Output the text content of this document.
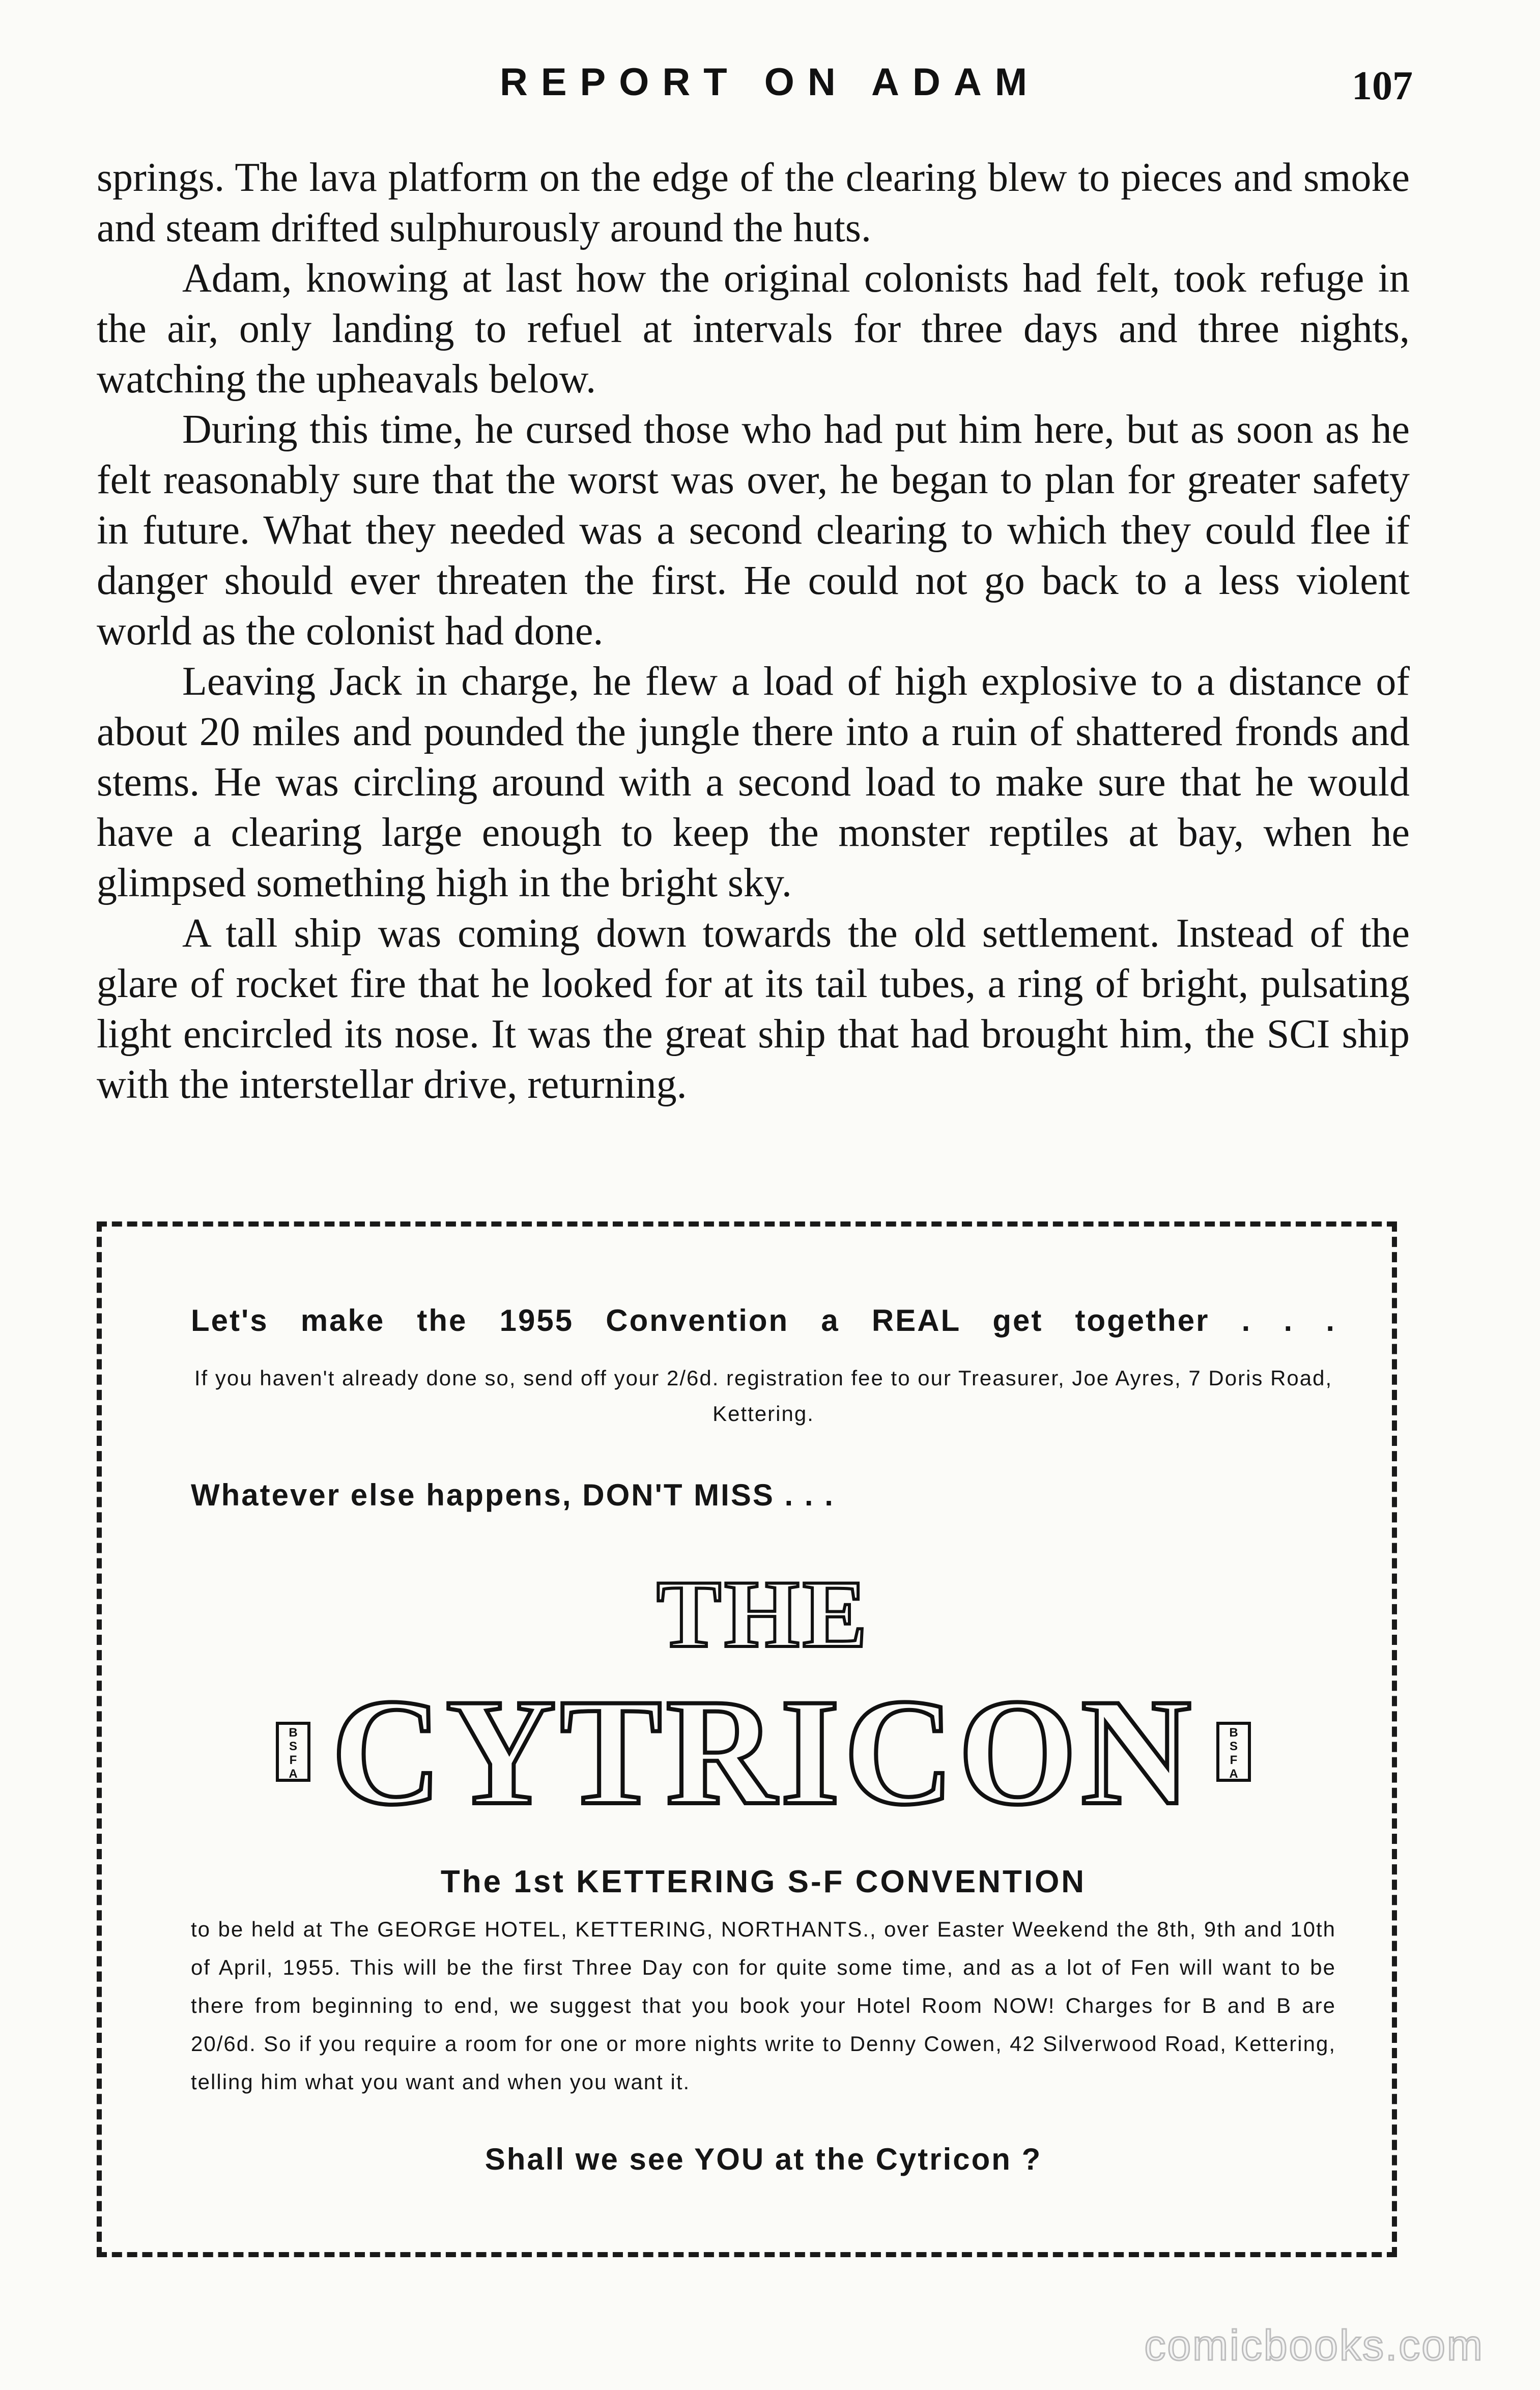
REPORT ON ADAM	107

springs. The lava platform on the edge of the clearing blew to pieces and smoke and steam drifted sulphurously around the huts.

Adam, knowing at last how the original colonists had felt, took refuge in the air, only landing to refuel at intervals for three days and three nights, watching the upheavals below.

During this time, he cursed those who had put him here, but as soon as he felt reasonably sure that the worst was over, he began to plan for greater safety in future. What they needed was a second clearing to which they could flee if danger should ever threaten the first. He could not go back to a less violent world as the colonist had done.

Leaving Jack in charge, he flew a load of high explosive to a distance of about 20 miles and pounded the jungle there into a ruin of shattered fronds and stems. He was circling around with a second load to make sure that he would have a clearing large enough to keep the monster reptiles at bay, when he glimpsed something high in the bright sky.

A tall ship was coming down towards the old settlement. Instead of the glare of rocket fire that he looked for at its tail tubes, a ring of bright, pulsating light encircled its nose. It was the great ship that had brought him, the SCI ship with the interstellar drive, returning.

Let's make the 1955 Convention a REAL get together . . .

If you haven't already done so, send off your 2/6d. registration fee to our Treasurer, Joe Ayres, 7 Doris Road, Kettering.

Whatever else happens, DON'T MISS . . .
THE
B
S
F
A CYTRICON	B
S
F
A
The 1st KETTERING S-F CONVENTION

to be held at The GEORGE HOTEL, KETTERING, NORTHANTS., over Easter Weekend the 8th, 9th and 10th of April, 1955. This will be the first Three Day con for quite some time, and as a lot of Fen will want to be there from beginning to end, we suggest that you book your Hotel Room NOW! Charges for B and B are 20/6d. So if you require a room for one or more nights write to Denny Cowen, 42 Silverwood Road, Kettering, telling him what you want and when you want it.

Shall we see YOU at the Cytricon ?
comicbooks.com
